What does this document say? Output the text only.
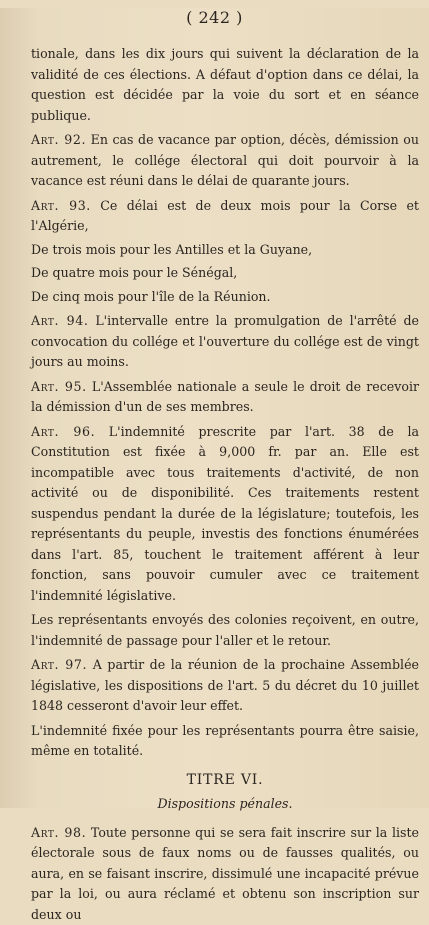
( 242 )

tionale, dans les dix jours qui suivent la déclaration de la validité de ces élections. A défaut d'option dans ce délai, la question est décidée par la voie du sort et en séance publique.

Art. 92. En cas de vacance par option, décès, démission ou autrement, le collége électoral qui doit pourvoir à la vacance est réuni dans le délai de quarante jours.

Art. 93. Ce délai est de deux mois pour la Corse et l'Algérie,

De trois mois pour les Antilles et la Guyane,

De quatre mois pour le Sénégal,

De cinq mois pour l'île de la Réunion.

Art. 94. L'intervalle entre la promulgation de l'arrêté de convocation du collége et l'ouverture du collége est de vingt jours au moins.

Art. 95. L'Assemblée nationale a seule le droit de recevoir la démission d'un de ses membres.

Art. 96. L'indemnité prescrite par l'art. 38 de la Constitution est fixée à 9,000 fr. par an. Elle est incompatible avec tous traitements d'activité, de non activité ou de disponibilité. Ces traitements restent suspendus pendant la durée de la législature; toutefois, les représentants du peuple, investis des fonctions énumérées dans l'art. 85, touchent le traitement afférent à leur fonction, sans pouvoir cumuler avec ce traitement l'indemnité législative.

Les représentants envoyés des colonies reçoivent, en outre, l'indemnité de passage pour l'aller et le retour.

Art. 97. A partir de la réunion de la prochaine Assemblée législative, les dispositions de l'art. 5 du décret du 10 juillet 1848 cesseront d'avoir leur effet.

L'indemnité fixée pour les représentants pourra être saisie, même en totalité.

TITRE VI.
Dispositions pénales.

Art. 98. Toute personne qui se sera fait inscrire sur la liste électorale sous de faux noms ou de fausses qualités, ou aura, en se faisant inscrire, dissimulé une incapacité prévue par la loi, ou aura réclamé et obtenu son inscription sur deux ou
